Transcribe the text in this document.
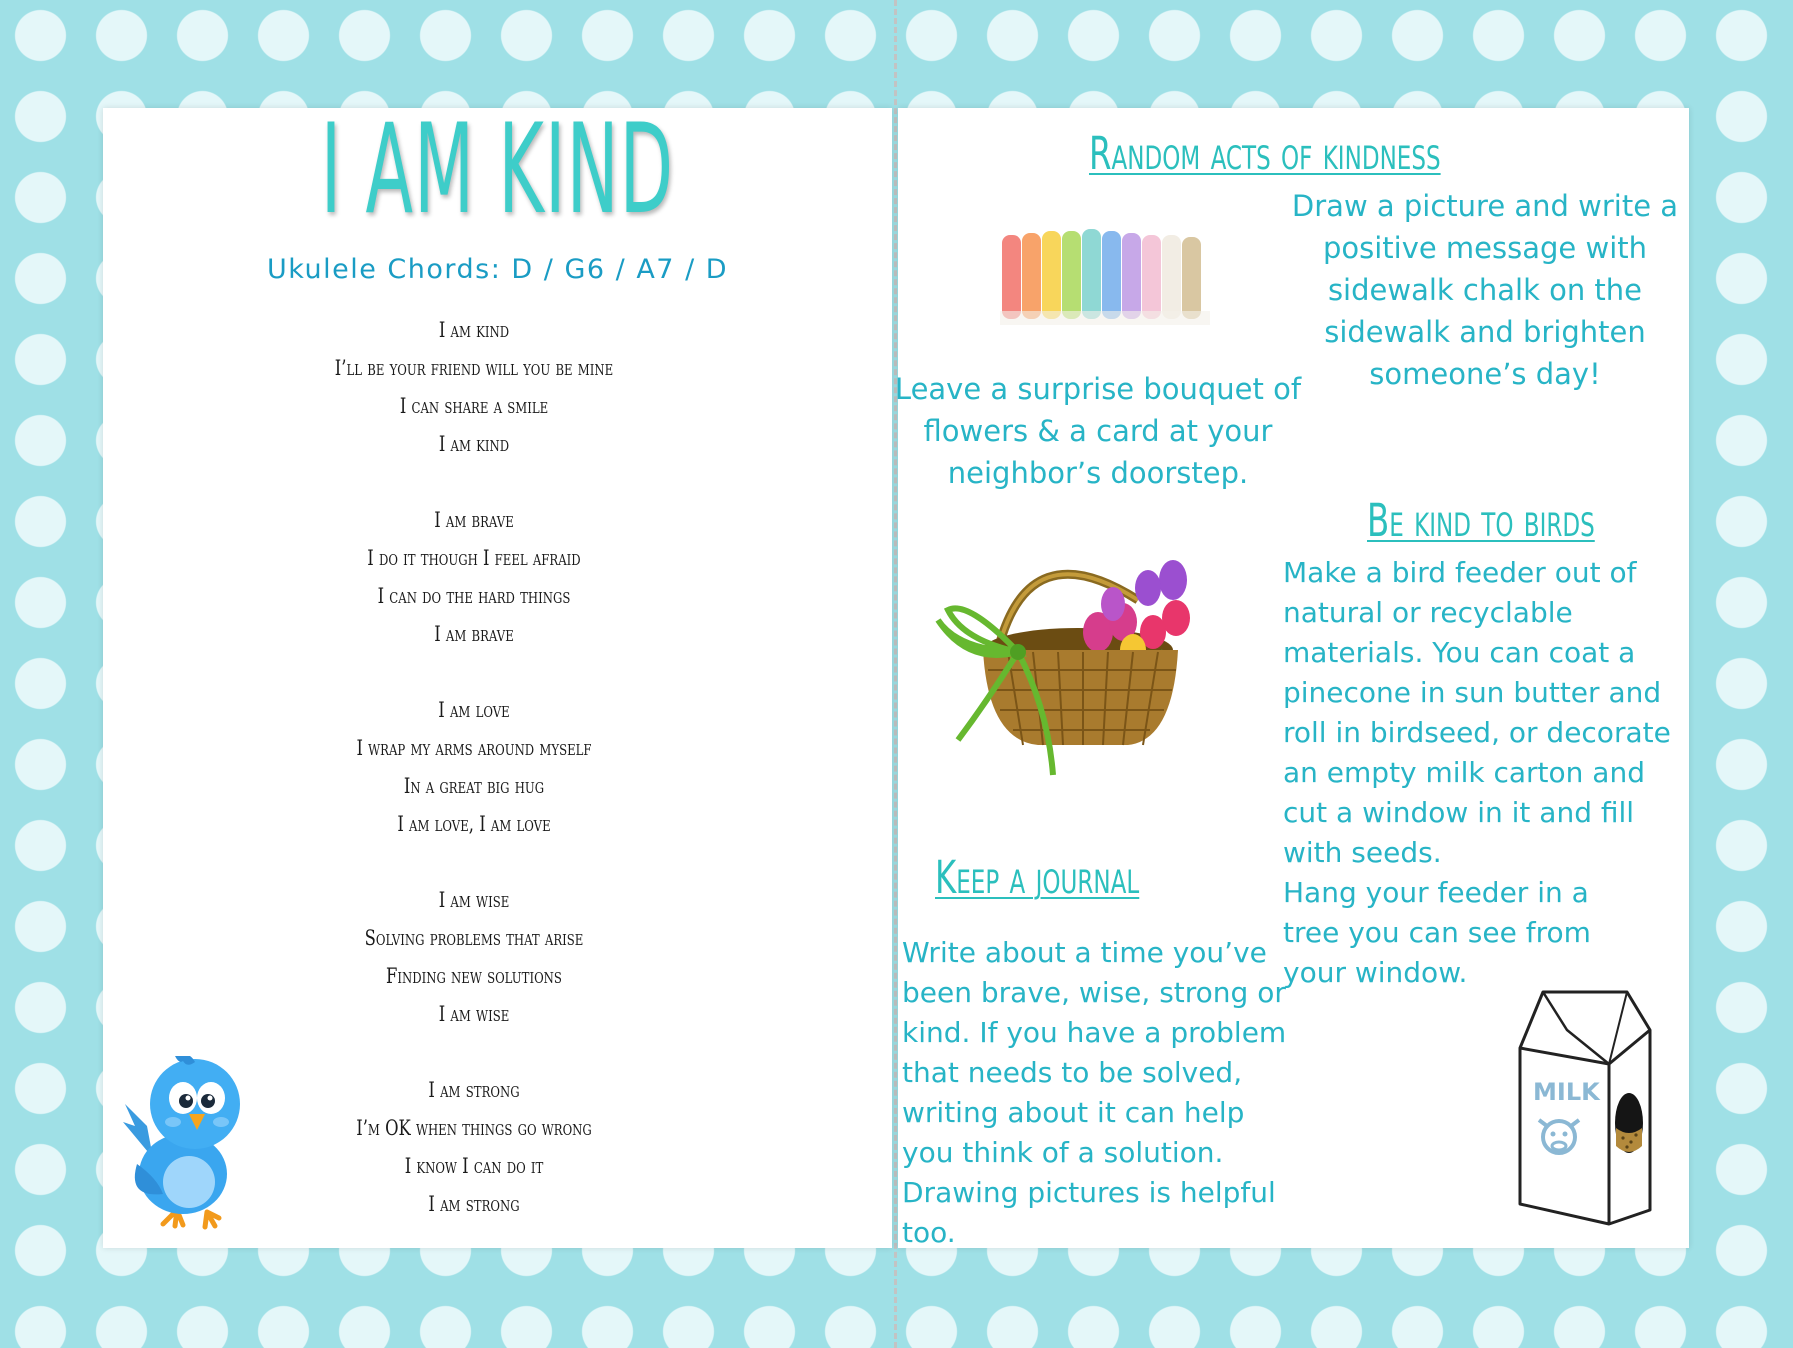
I AM KIND
Ukulele Chords: D / G6 / A7 / D
I am kind
I’ll be your friend will you be mine
I can share a smile
I am kind
I am brave
I do it though I feel afraid
I can do the hard things
I am brave
I am love
I wrap my arms around myself
In a great big hug
I am love, I am love
I am wise
Solving problems that arise
Finding new solutions
I am wise
I am strong
I’m OK when things go wrong
I know I can do it
I am strong
Random acts of kindness
Draw a picture and write a positive message with sidewalk chalk on the sidewalk and brighten someone’s day!
Leave a surprise bouquet of flowers & a card at your neighbor’s doorstep.
Be kind to birds
Make a bird feeder out of natural or recyclable materials. You can coat a pinecone in sun butter and roll in birdseed, or decorate an empty milk carton and cut a window in it and fill with seeds.
Hang your feeder in a tree you can see from your window.
Keep a journal
Write about a time you’ve been brave, wise, strong or kind. If you have a problem that needs to be solved, writing about it can help you think of a solution. Drawing pictures is helpful too.
MILK
